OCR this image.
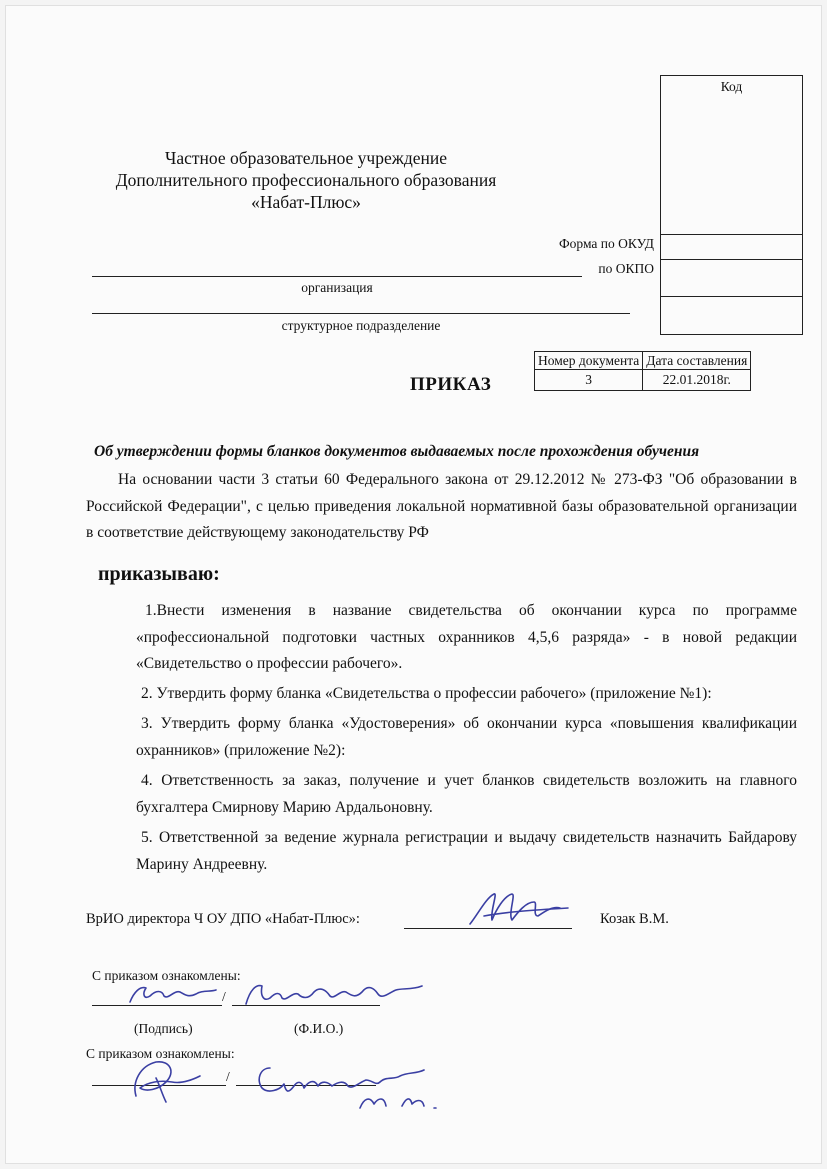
Частное образовательное учреждение
Дополнительного профессионального образования
«Набат-Плюс»
организация
структурное подразделение
Форма по ОКУД
по ОКПО
Код
Номер документа	Дата составления
3	22.01.2018г.
ПРИКАЗ
Об утверждении формы бланков документов выдаваемых после прохождения обучения
На основании части 3 статьи 60 Федерального закона от 29.12.2012 № 273-ФЗ "Об образовании в Российской Федерации", с целью приведения локальной нормативной базы образовательной организации в соответствие действующему законодательству РФ
приказываю:
1.Внести изменения в название свидетельства об окончании курса по программе «профессиональной подготовки частных охранников 4,5,6 разряда» - в новой редакции «Свидетельство о профессии рабочего».
2. Утвердить форму бланка «Свидетельства о профессии рабочего» (приложение №1):
3. Утвердить форму бланка «Удостоверения» об окончании курса «повышения квалификации охранников» (приложение №2):
4. Ответственность за заказ, получение и учет бланков свидетельств возложить на главного бухгалтера Смирнову Марию Ардальоновну.
5. Ответственной за ведение журнала регистрации и выдачу свидетельств назначить Байдарову Марину Андреевну.
ВрИО директора Ч ОУ ДПО «Набат-Плюс»:	Козак В.М.
С приказом ознакомлены:
/
(Подпись)	(Ф.И.О.)
С приказом ознакомлены:
/
